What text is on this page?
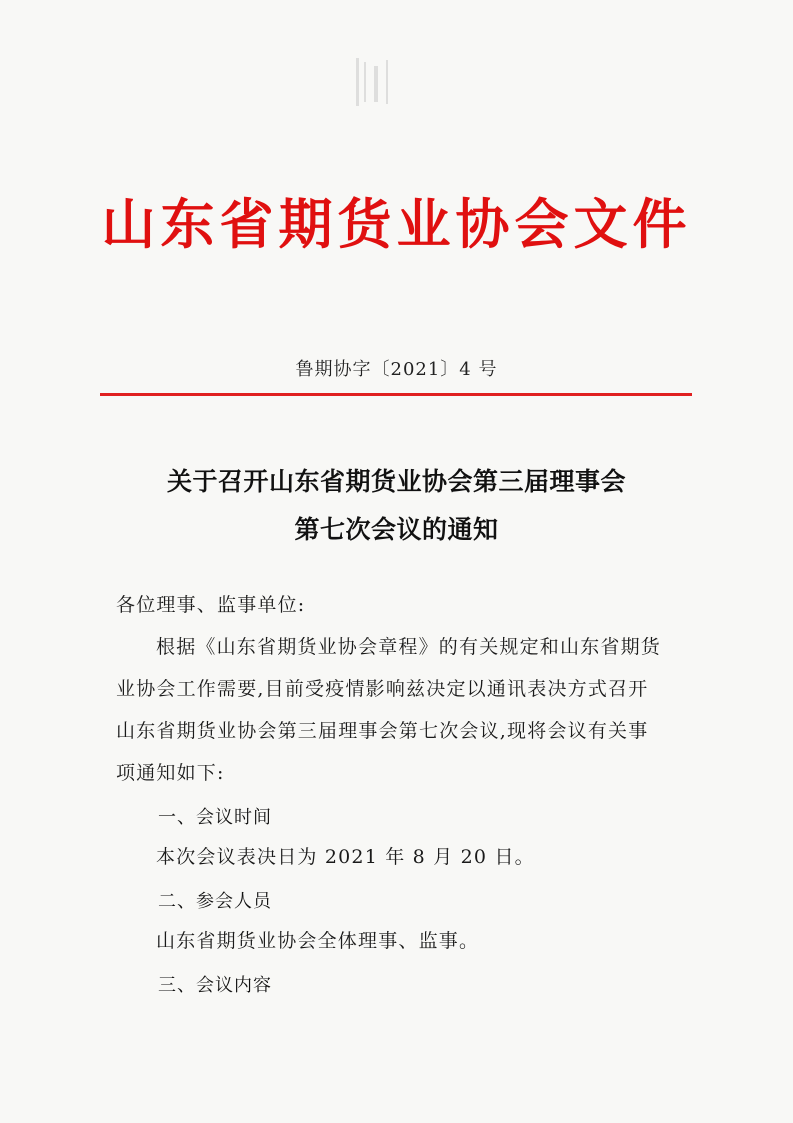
山东省期货业协会文件
鲁期协字〔2021〕4 号
关于召开山东省期货业协会第三届理事会
第七次会议的通知
各位理事、监事单位:
根据《山东省期货业协会章程》的有关规定和山东省期货
业协会工作需要,目前受疫情影响兹决定以通讯表决方式召开
山东省期货业协会第三届理事会第七次会议,现将会议有关事
项通知如下:
一、会议时间
本次会议表决日为 2021 年 8 月 20 日。
二、参会人员
山东省期货业协会全体理事、监事。
三、会议内容
